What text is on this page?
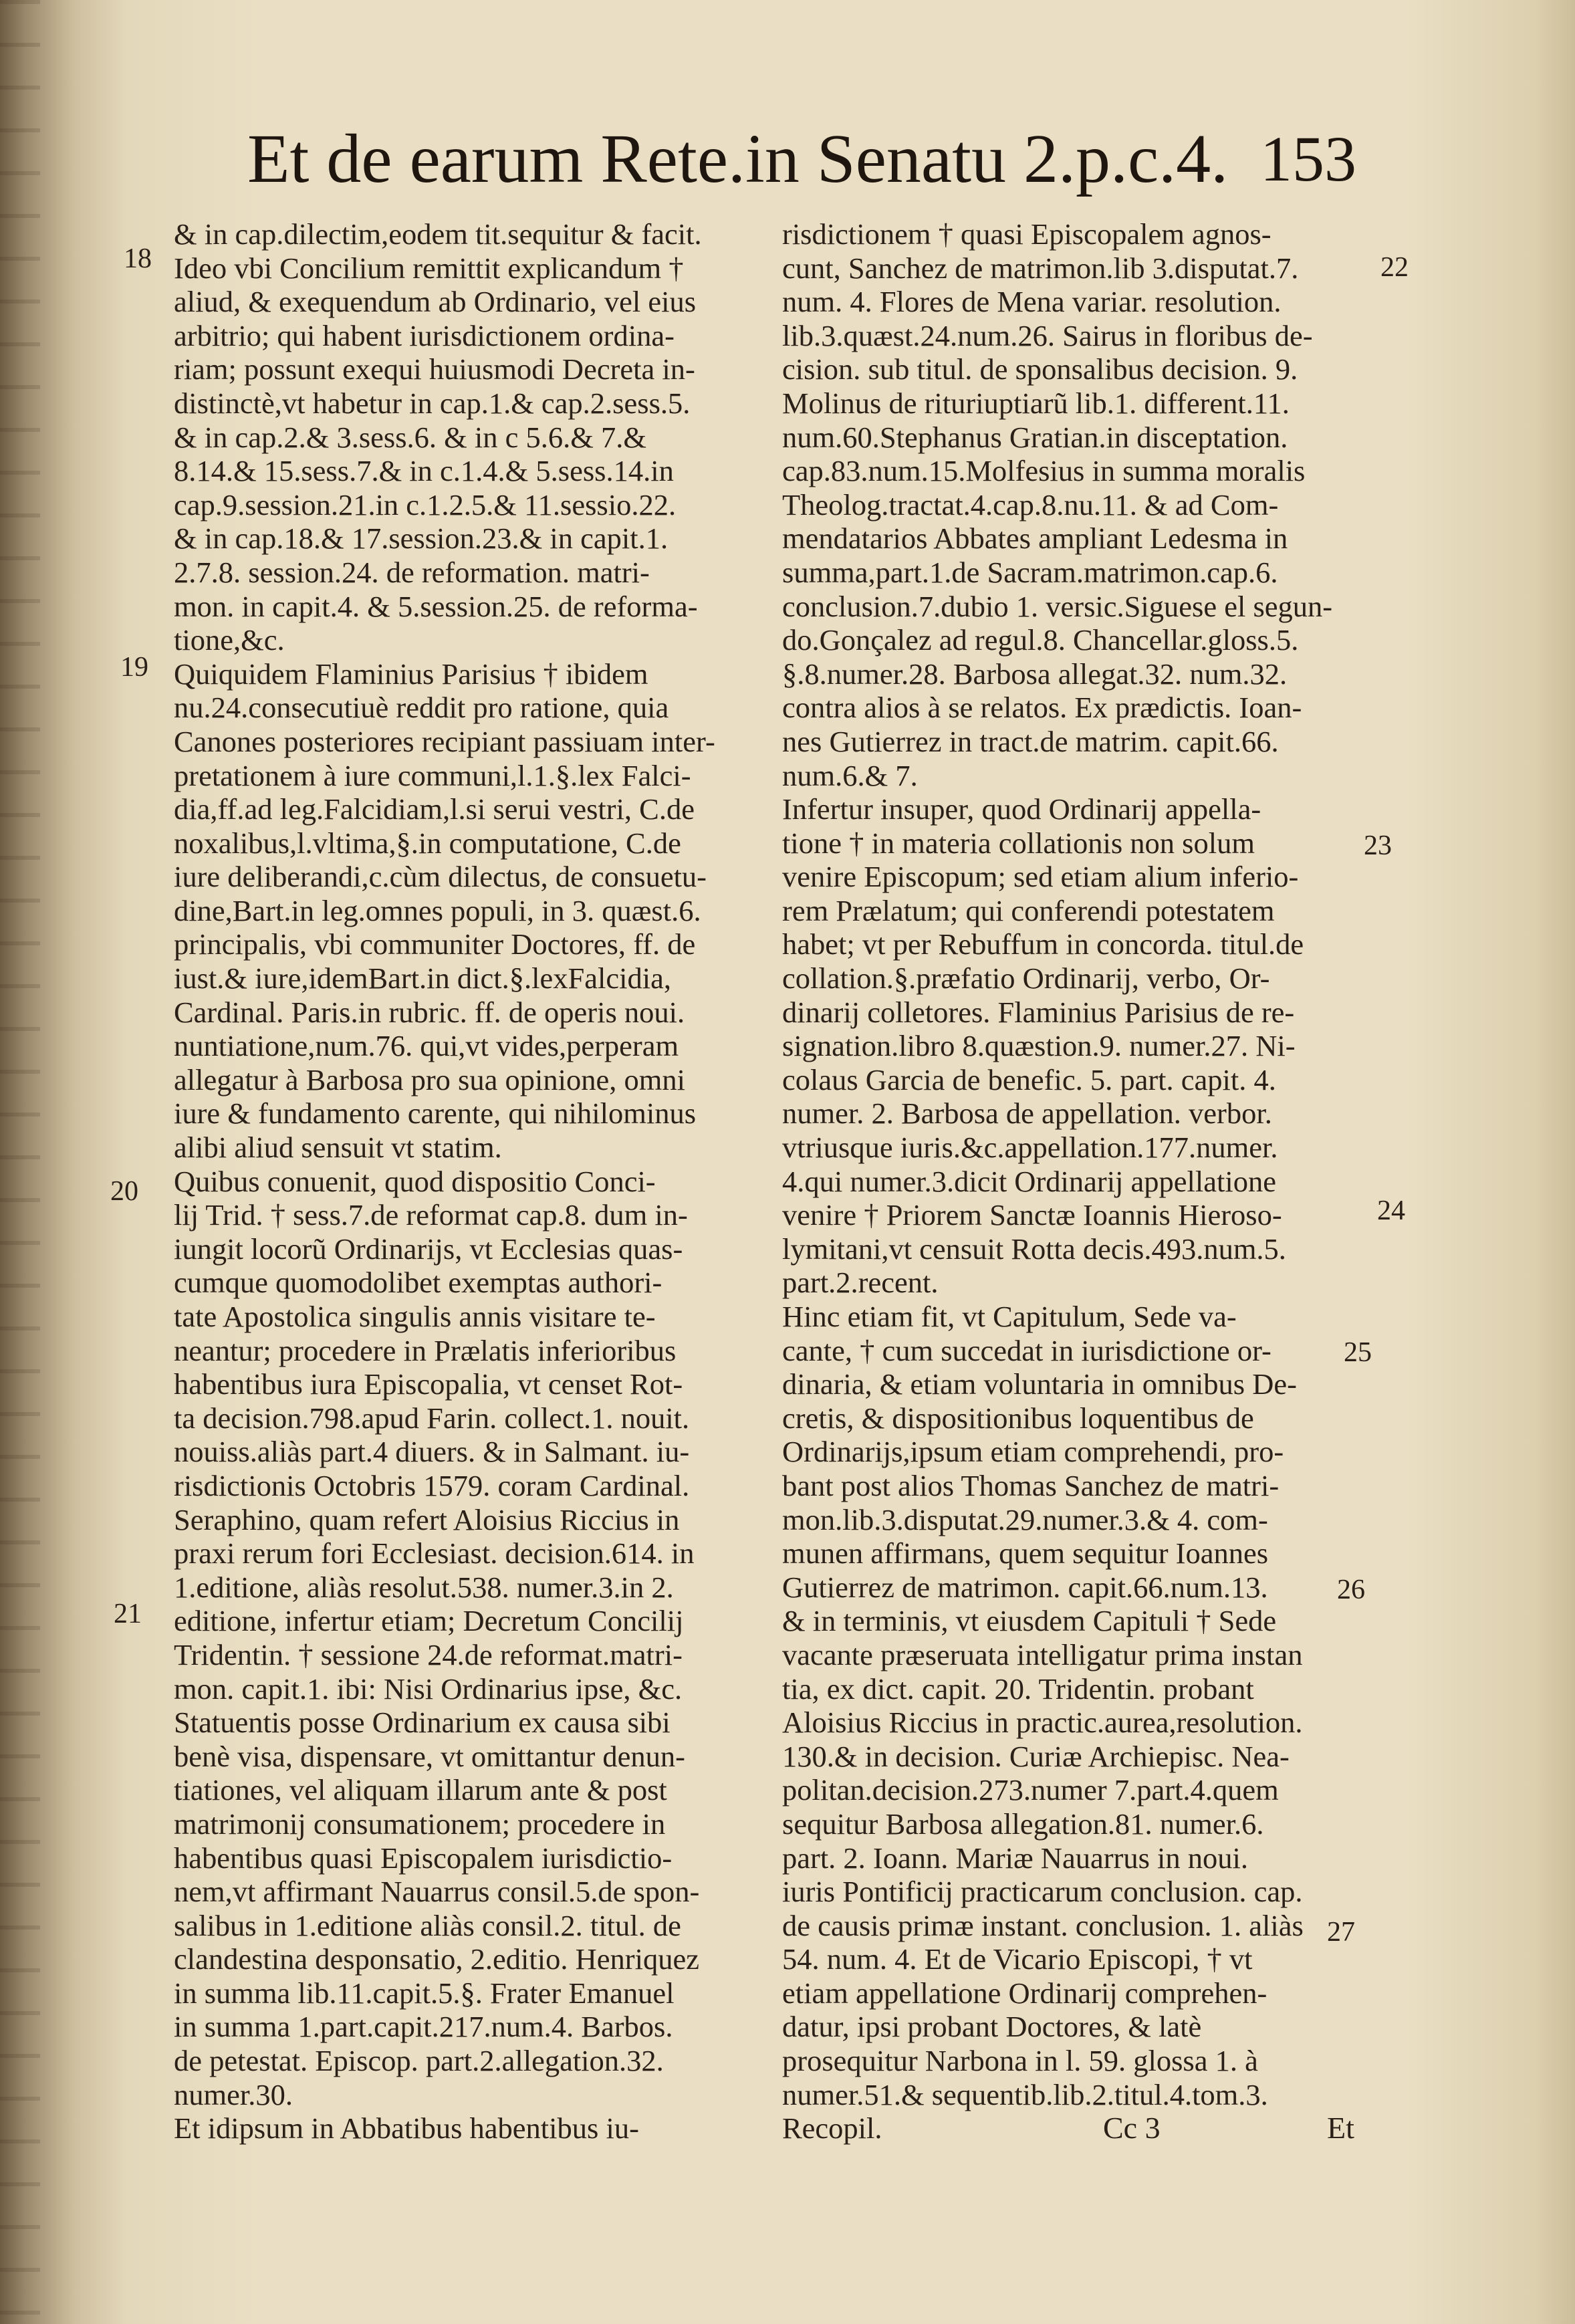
Et de earum Rete.in Senatu 2.p.c.4. 153
& in cap.dilectim,eodem tit.sequitur & facit.
Ideo vbi Concilium remittit explicandum †
aliud, & exequendum ab Ordinario, vel eius
arbitrio; qui habent iurisdictionem ordina-
riam; possunt exequi huiusmodi Decreta in-
distinctè,vt habetur in cap.1.& cap.2.sess.5.
& in cap.2.& 3.sess.6. & in c 5.6.& 7.&
8.14.& 15.sess.7.& in c.1.4.& 5.sess.14.in
cap.9.session.21.in c.1.2.5.& 11.sessio.22.
& in cap.18.& 17.session.23.& in capit.1.
2.7.8. session.24. de reformation. matri-
mon. in capit.4. & 5.session.25. de reforma-
tione,&c.
Quiquidem Flaminius Parisius † ibidem
nu.24.consecutiuè reddit pro ratione, quia
Canones posteriores recipiant passiuam inter-
pretationem à iure communi,l.1.§.lex Falci-
dia,ff.ad leg.Falcidiam,l.si serui vestri, C.de
noxalibus,l.vltima,§.in computatione, C.de
iure deliberandi,c.cùm dilectus, de consuetu-
dine,Bart.in leg.omnes populi, in 3. quæst.6.
principalis, vbi communiter Doctores, ff. de
iust.& iure,idemBart.in dict.§.lexFalcidia,
Cardinal. Paris.in rubric. ff. de operis noui.
nuntiatione,num.76. qui,vt vides,perperam
allegatur à Barbosa pro sua opinione, omni
iure & fundamento carente, qui nihilominus
alibi aliud sensuit vt statim.
Quibus conuenit, quod dispositio Conci-
lij Trid. † sess.7.de reformat cap.8. dum in-
iungit locorũ Ordinarijs, vt Ecclesias quas-
cumque quomodolibet exemptas authori-
tate Apostolica singulis annis visitare te-
neantur; procedere in Prælatis inferioribus
habentibus iura Episcopalia, vt censet Rot-
ta decision.798.apud Farin. collect.1. nouit.
nouiss.aliàs part.4 diuers. & in Salmant. iu-
risdictionis Octobris 1579. coram Cardinal.
Seraphino, quam refert Aloisius Riccius in
praxi rerum fori Ecclesiast. decision.614. in
1.editione, aliàs resolut.538. numer.3.in 2.
editione, infertur etiam; Decretum Concilij
Tridentin. † sessione 24.de reformat.matri-
mon. capit.1. ibi: Nisi Ordinarius ipse, &c.
Statuentis posse Ordinarium ex causa sibi
benè visa, dispensare, vt omittantur denun-
tiationes, vel aliquam illarum ante & post
matrimonij consumationem; procedere in
habentibus quasi Episcopalem iurisdictio-
nem,vt affirmant Nauarrus consil.5.de spon-
salibus in 1.editione aliàs consil.2. titul. de
clandestina desponsatio, 2.editio. Henriquez
in summa lib.11.capit.5.§. Frater Emanuel
in summa 1.part.capit.217.num.4. Barbos.
de petestat. Episcop. part.2.allegation.32.
numer.30.
Et idipsum in Abbatibus habentibus iu-
risdictionem † quasi Episcopalem agnos-
cunt, Sanchez de matrimon.lib 3.disputat.7.
num. 4. Flores de Mena variar. resolution.
lib.3.quæst.24.num.26. Sairus in floribus de-
cision. sub titul. de sponsalibus decision. 9.
Molinus de rituriuptiarũ lib.1. different.11.
num.60.Stephanus Gratian.in disceptation.
cap.83.num.15.Molfesius in summa moralis
Theolog.tractat.4.cap.8.nu.11. & ad Com-
mendatarios Abbates ampliant Ledesma in
summa,part.1.de Sacram.matrimon.cap.6.
conclusion.7.dubio 1. versic.Siguese el segun-
do.Gonçalez ad regul.8. Chancellar.gloss.5.
§.8.numer.28. Barbosa allegat.32. num.32.
contra alios à se relatos. Ex prædictis. Ioan-
nes Gutierrez in tract.de matrim. capit.66.
num.6.& 7.
Infertur insuper, quod Ordinarij appella-
tione † in materia collationis non solum
venire Episcopum; sed etiam alium inferio-
rem Prælatum; qui conferendi potestatem
habet; vt per Rebuffum in concorda. titul.de
collation.§.præfatio Ordinarij, verbo, Or-
dinarij colletores. Flaminius Parisius de re-
signation.libro 8.quæstion.9. numer.27. Ni-
colaus Garcia de benefic. 5. part. capit. 4.
numer. 2. Barbosa de appellation. verbor.
vtriusque iuris.&c.appellation.177.numer.
4.qui numer.3.dicit Ordinarij appellatione
venire † Priorem Sanctæ Ioannis Hieroso-
lymitani,vt censuit Rotta decis.493.num.5.
part.2.recent.
Hinc etiam fit, vt Capitulum, Sede va-
cante, † cum succedat in iurisdictione or-
dinaria, & etiam voluntaria in omnibus De-
cretis, & dispositionibus loquentibus de
Ordinarijs,ipsum etiam comprehendi, pro-
bant post alios Thomas Sanchez de matri-
mon.lib.3.disputat.29.numer.3.& 4. com-
munen affirmans, quem sequitur Ioannes
Gutierrez de matrimon. capit.66.num.13.
& in terminis, vt eiusdem Capituli † Sede
vacante præseruata intelligatur prima instan
tia, ex dict. capit. 20. Tridentin. probant
Aloisius Riccius in practic.aurea,resolution.
130.& in decision. Curiæ Archiepisc. Nea-
politan.decision.273.numer 7.part.4.quem
sequitur Barbosa allegation.81. numer.6.
part. 2. Ioann. Mariæ Nauarrus in noui.
iuris Pontificij practicarum conclusion. cap.
de causis primæ instant. conclusion. 1. aliàs
54. num. 4. Et de Vicario Episcopi, † vt
etiam appellatione Ordinarij comprehen-
datur, ipsi probant Doctores, & latè
prosequitur Narbona in l. 59. glossa 1. à
numer.51.& sequentib.lib.2.titul.4.tom.3.
Recopil.
18
19
20
21
22
23
24
25
26
27
Cc 3	Et
